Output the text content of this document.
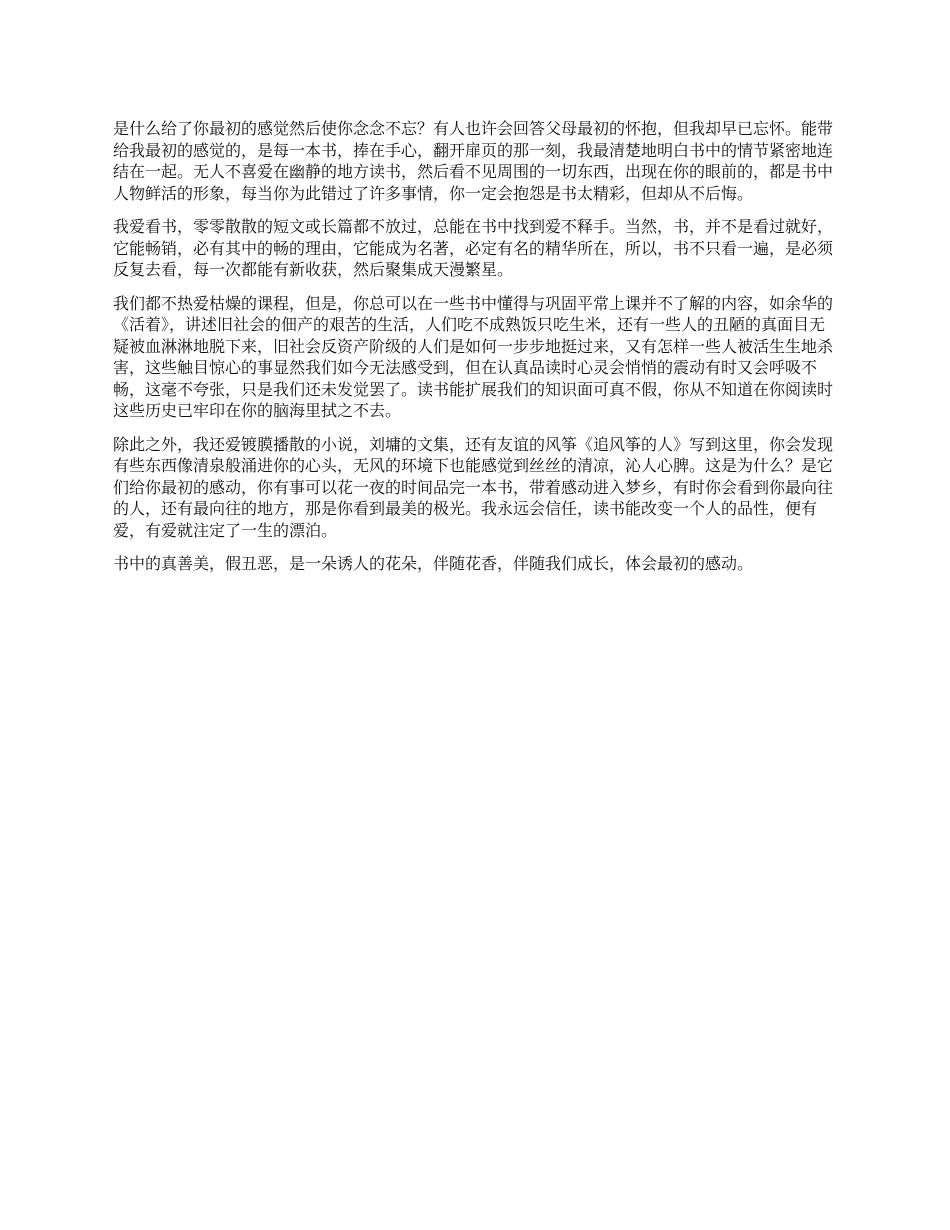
是什么给了你最初的感觉然后使你念念不忘？有人也许会回答父母最初的怀抱，但我却早已忘怀。能带给我最初的感觉的，是每一本书，捧在手心，翻开扉页的那一刻，我最清楚地明白书中的情节紧密地连结在一起。无人不喜爱在幽静的地方读书，然后看不见周围的一切东西，出现在你的眼前的，都是书中人物鲜活的形象，每当你为此错过了许多事情，你一定会抱怨是书太精彩，但却从不后悔。

我爱看书，零零散散的短文或长篇都不放过，总能在书中找到爱不释手。当然，书，并不是看过就好，它能畅销，必有其中的畅的理由，它能成为名著，必定有名的精华所在，所以，书不只看一遍，是必须反复去看，每一次都能有新收获，然后聚集成天漫繁星。

我们都不热爱枯燥的课程，但是，你总可以在一些书中懂得与巩固平常上课并不了解的内容，如余华的《活着》，讲述旧社会的佃产的艰苦的生活，人们吃不成熟饭只吃生米，还有一些人的丑陋的真面目无疑被血淋淋地脱下来，旧社会反资产阶级的人们是如何一步步地挺过来，又有怎样一些人被活生生地杀害，这些触目惊心的事显然我们如今无法感受到，但在认真品读时心灵会悄悄的震动有时又会呼吸不畅，这毫不夸张，只是我们还未发觉罢了。读书能扩展我们的知识面可真不假，你从不知道在你阅读时这些历史已牢印在你的脑海里拭之不去。

除此之外，我还爱镀膜播散的小说，刘墉的文集，还有友谊的风筝《追风筝的人》写到这里，你会发现有些东西像清泉般涌进你的心头，无风的环境下也能感觉到丝丝的清凉，沁人心脾。这是为什么？是它们给你最初的感动，你有事可以花一夜的时间品完一本书，带着感动进入梦乡，有时你会看到你最向往的人，还有最向往的地方，那是你看到最美的极光。我永远会信任，读书能改变一个人的品性，便有爱，有爱就注定了一生的漂泊。

书中的真善美，假丑恶，是一朵诱人的花朵，伴随花香，伴随我们成长，体会最初的感动。
